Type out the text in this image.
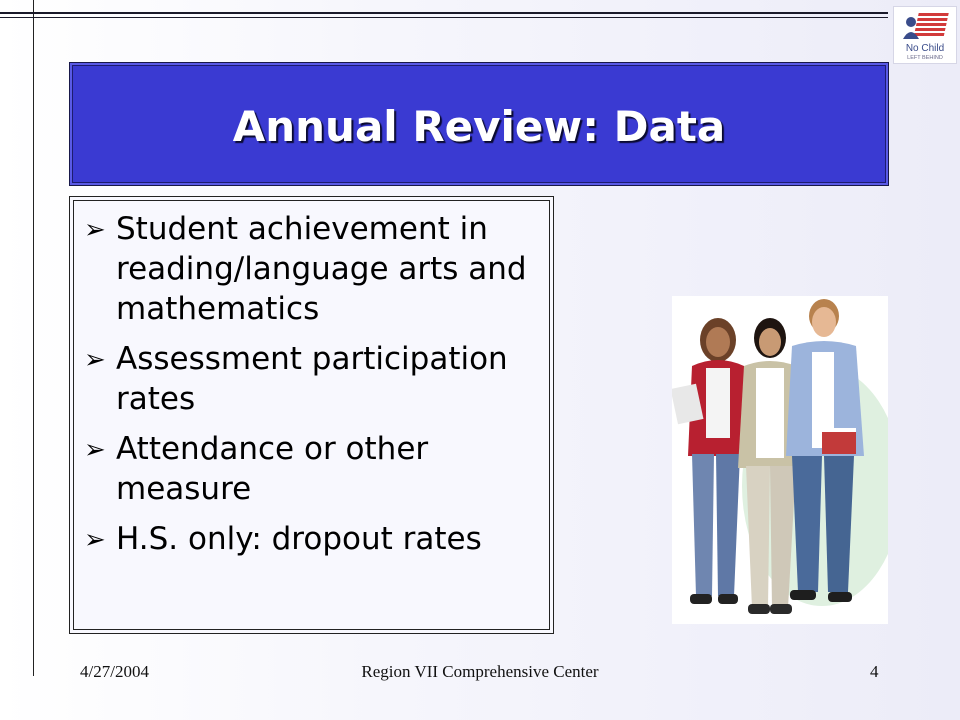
No Child
LEFT BEHIND
Annual Review: Data
➢ Student achievement in reading/language arts and mathematics
➢ Assessment participation rates
➢ Attendance or other measure
➢ H.S. only: dropout rates
4/27/2004	Region VII Comprehensive Center	4
